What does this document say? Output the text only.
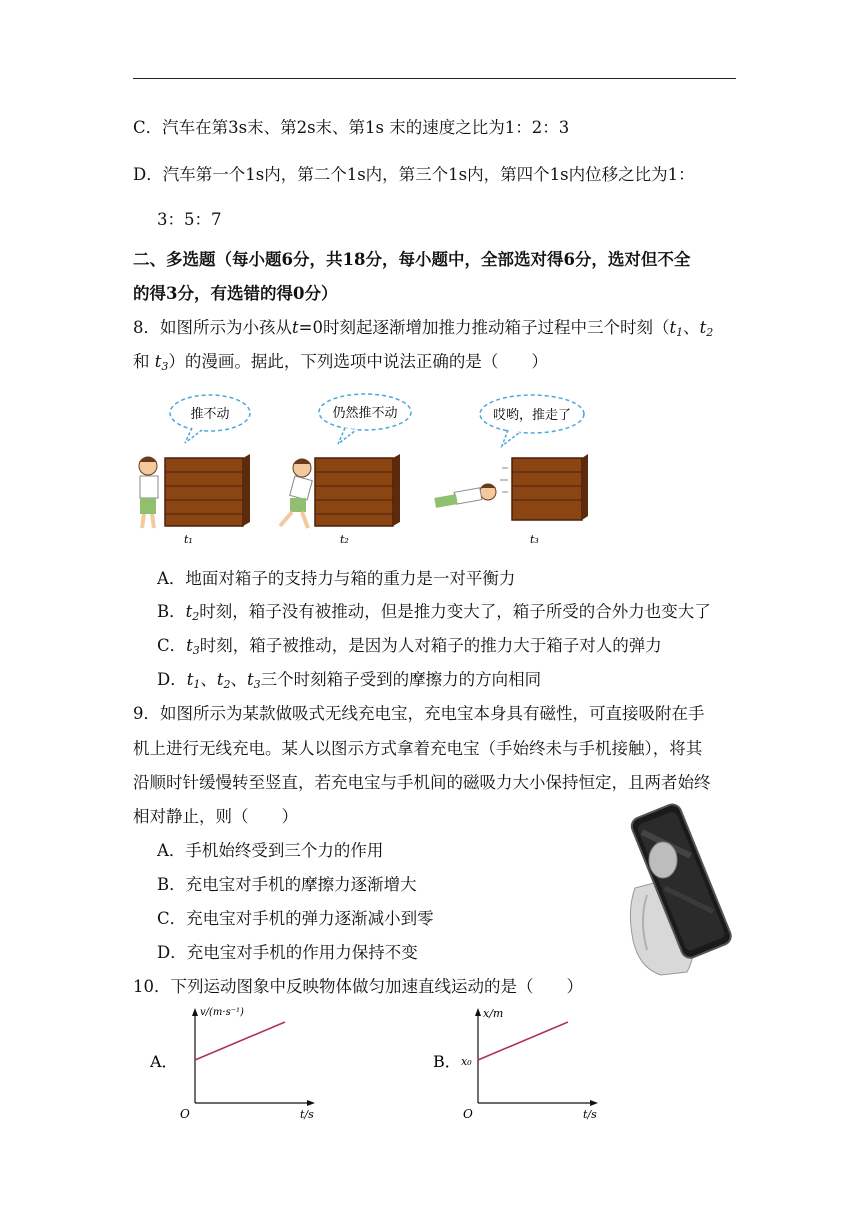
C．汽车在第3s末、第2s末、第1s 末的速度之比为1：2：3
D．汽车第一个1s内，第二个1s内，第三个1s内，第四个1s内位移之比为1：
3：5：7
二、多选题（每小题6分，共18分，每小题中，全部选对得6分，选对但不全
的得3分，有选错的得0分）
8．如图所示为小孩从t=0时刻起逐渐增加推力推动箱子过程中三个时刻（$t_1$、$t_2$
和 $t_3$）的漫画。据此，下列选项中说法正确的是（　　）
推不动	仍然推不动	哎哟，推走了
t₁	t₂	t₃
A．地面对箱子的支持力与箱的重力是一对平衡力
B．$t_2$时刻，箱子没有被推动，但是推力变大了，箱子所受的合外力也变大了
C．$t_3$时刻，箱子被推动，是因为人对箱子的推力大于箱子对人的弹力
D．$t_1$、$t_2$、$t_3$三个时刻箱子受到的摩擦力的方向相同
9．如图所示为某款做吸式无线充电宝，充电宝本身具有磁性，可直接吸附在手
机上进行无线充电。某人以图示方式拿着充电宝（手始终未与手机接触），将其
沿顺时针缓慢转至竖直，若充电宝与手机间的磁吸力大小保持恒定，且两者始终
相对静止，则（　　）
A．手机始终受到三个力的作用
B．充电宝对手机的摩擦力逐渐增大
C．充电宝对手机的弹力逐渐减小到零
D．充电宝对手机的作用力保持不变
10．下列运动图象中反映物体做匀加速直线运动的是（　　）
A．
v/(m·s⁻¹)
t/s
O
B．
x/m
t/s
O
x₀
